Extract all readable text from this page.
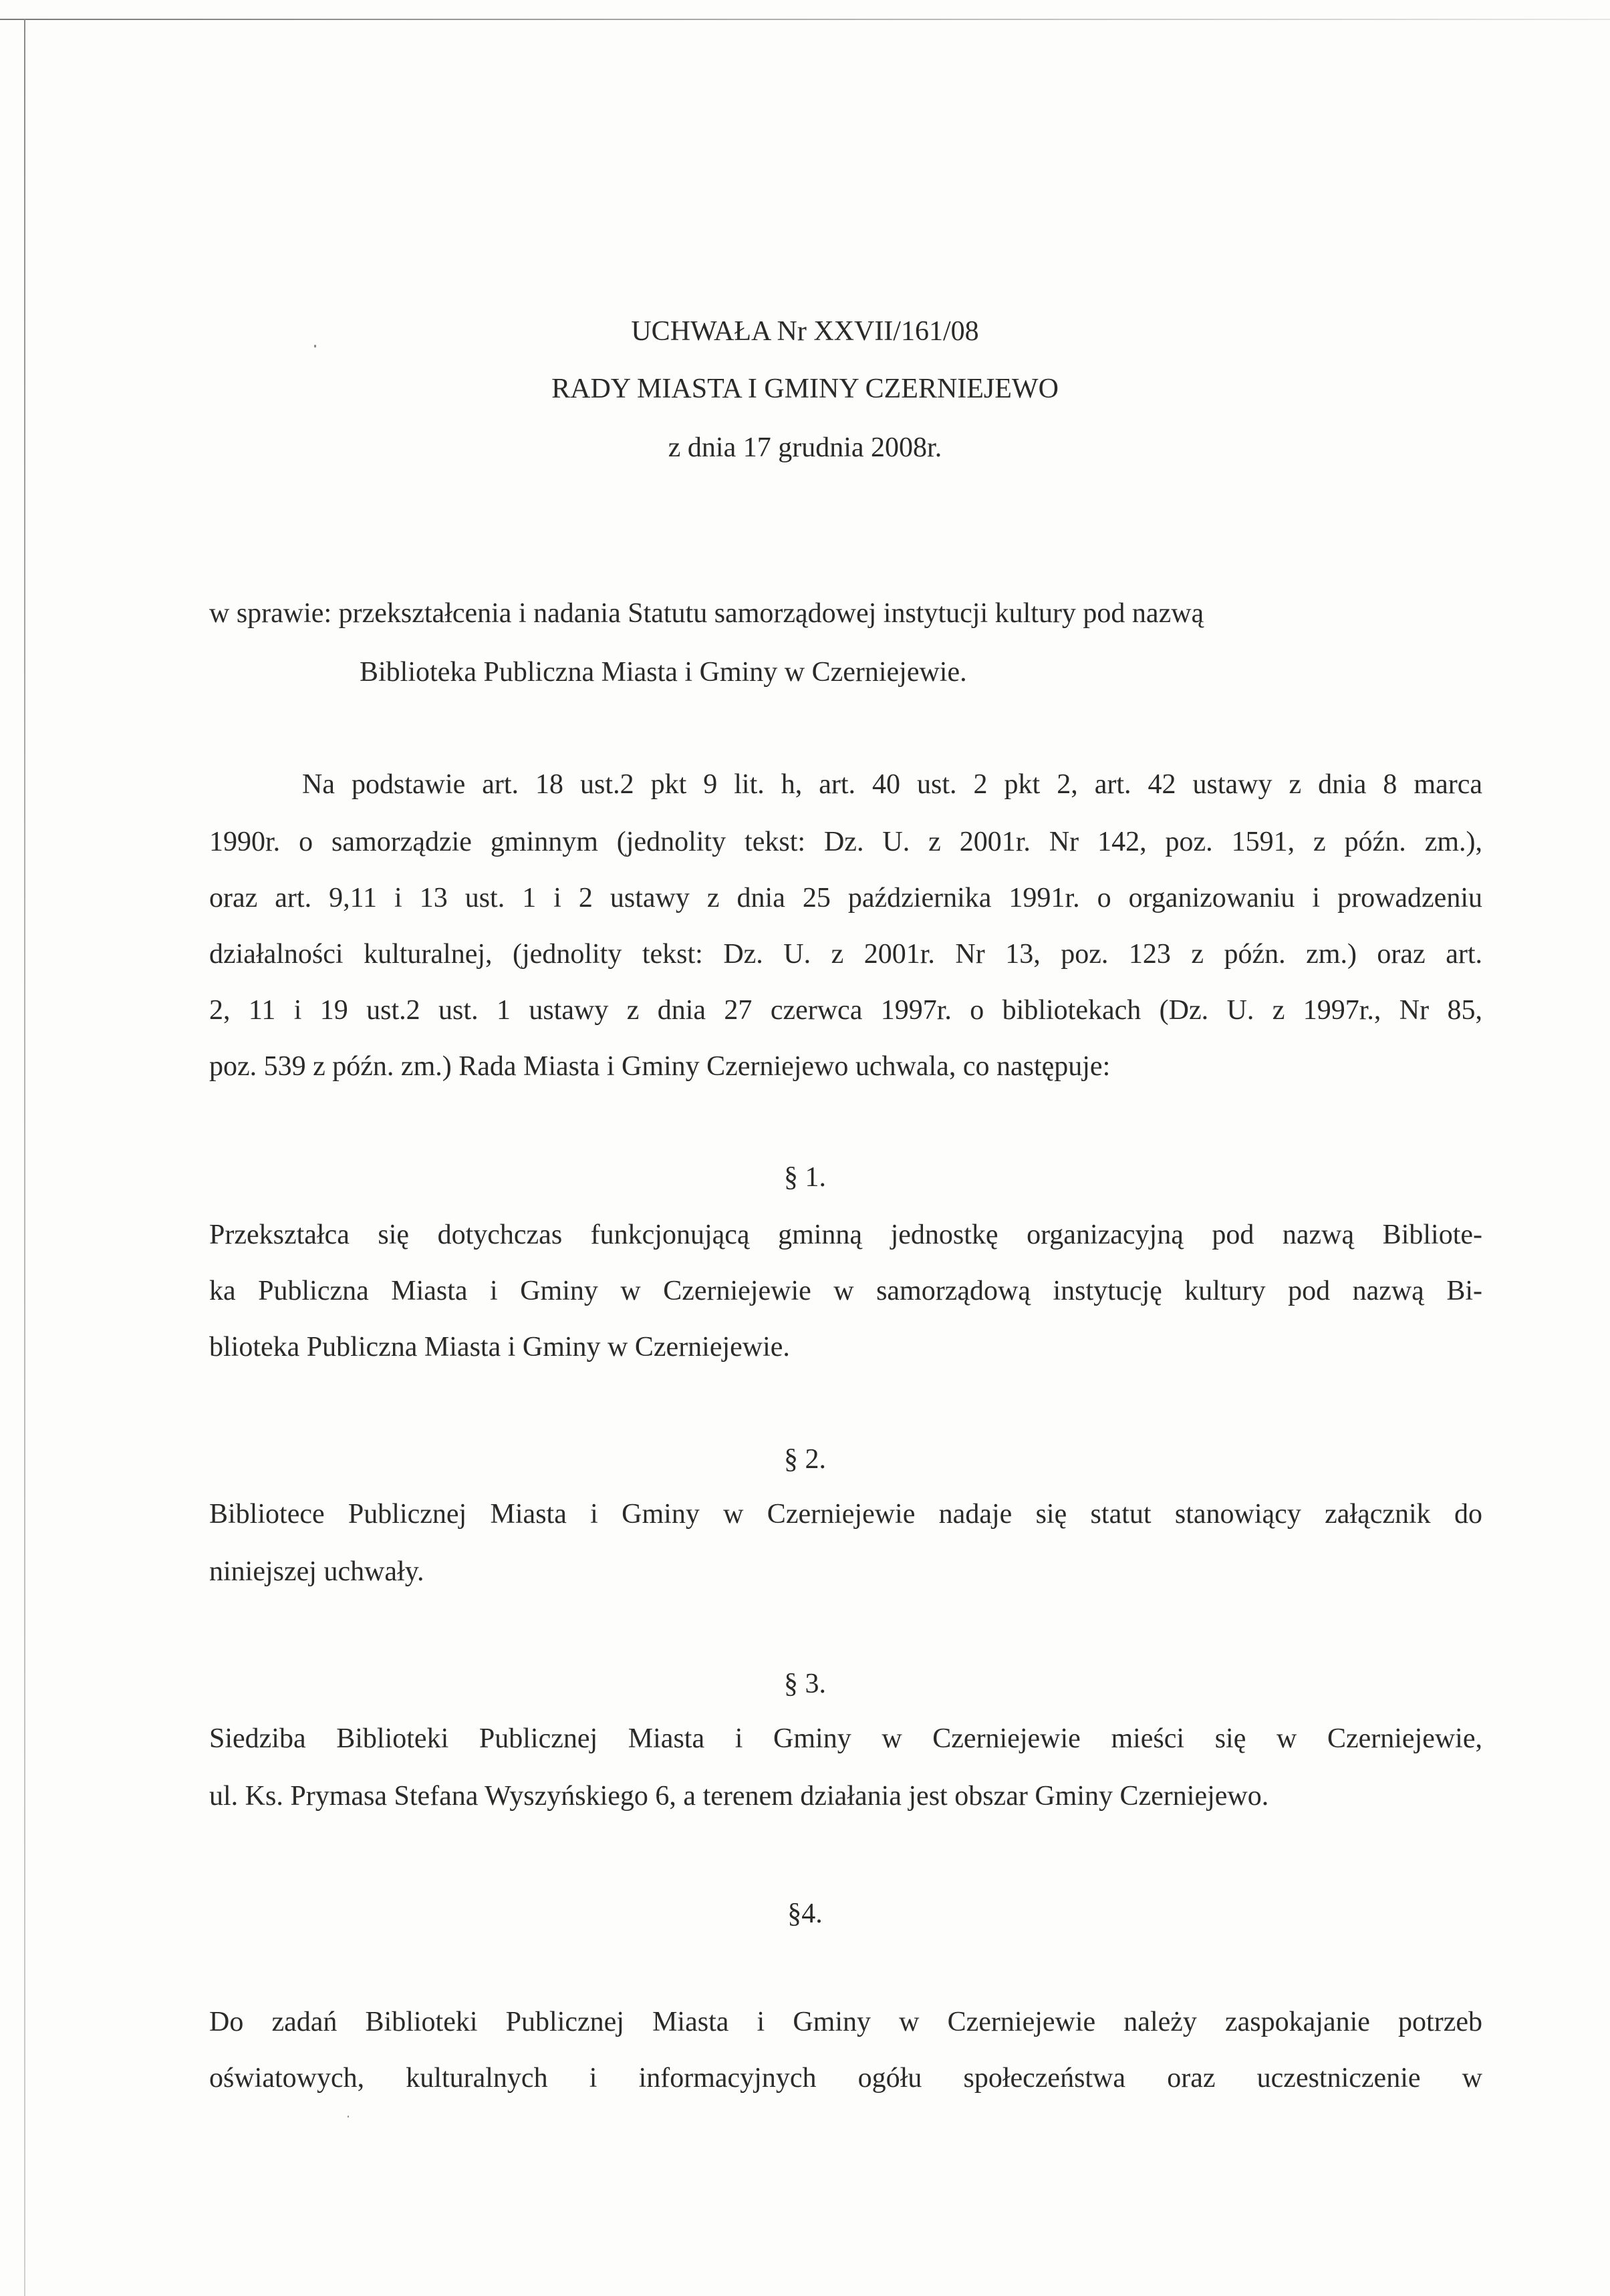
UCHWAŁA Nr XXVII/161/08

RADY MIASTA I GMINY CZERNIEJEWO

z dnia 17 grudnia 2008r.

w sprawie: przekształcenia i nadania Statutu samorządowej instytucji kultury pod nazwą

Biblioteka Publiczna Miasta i Gminy w Czerniejewie.

Na podstawie art. 18 ust.2 pkt 9 lit. h, art. 40 ust. 2 pkt 2, art. 42 ustawy z dnia 8 marca

1990r. o samorządzie gminnym (jednolity tekst: Dz. U. z 2001r. Nr 142, poz. 1591, z późn. zm.),

oraz art. 9,11 i 13 ust. 1 i 2 ustawy z dnia 25 października 1991r. o organizowaniu i prowadzeniu

działalności kulturalnej, (jednolity tekst: Dz. U. z 2001r. Nr 13, poz. 123 z późn. zm.) oraz art.

2, 11 i 19 ust.2 ust. 1 ustawy z dnia 27 czerwca 1997r. o bibliotekach (Dz. U. z 1997r., Nr 85,

poz. 539 z późn. zm.) Rada Miasta i Gminy Czerniejewo uchwala, co następuje:

§ 1.

Przekształca się dotychczas funkcjonującą gminną jednostkę organizacyjną pod nazwą Bibliote-

ka Publiczna Miasta i Gminy w Czerniejewie w samorządową instytucję kultury pod nazwą Bi-

blioteka Publiczna Miasta i Gminy w Czerniejewie.

§ 2.

Bibliotece Publicznej Miasta i Gminy w Czerniejewie nadaje się statut stanowiący załącznik do

niniejszej uchwały.

§ 3.

Siedziba Biblioteki Publicznej Miasta i Gminy w Czerniejewie mieści się w Czerniejewie,

ul. Ks. Prymasa Stefana Wyszyńskiego 6, a terenem działania jest obszar Gminy Czerniejewo.

§4.

Do zadań Biblioteki Publicznej Miasta i Gminy w Czerniejewie należy zaspokajanie potrzeb

oświatowych, kulturalnych i informacyjnych ogółu społeczeństwa oraz uczestniczenie w
